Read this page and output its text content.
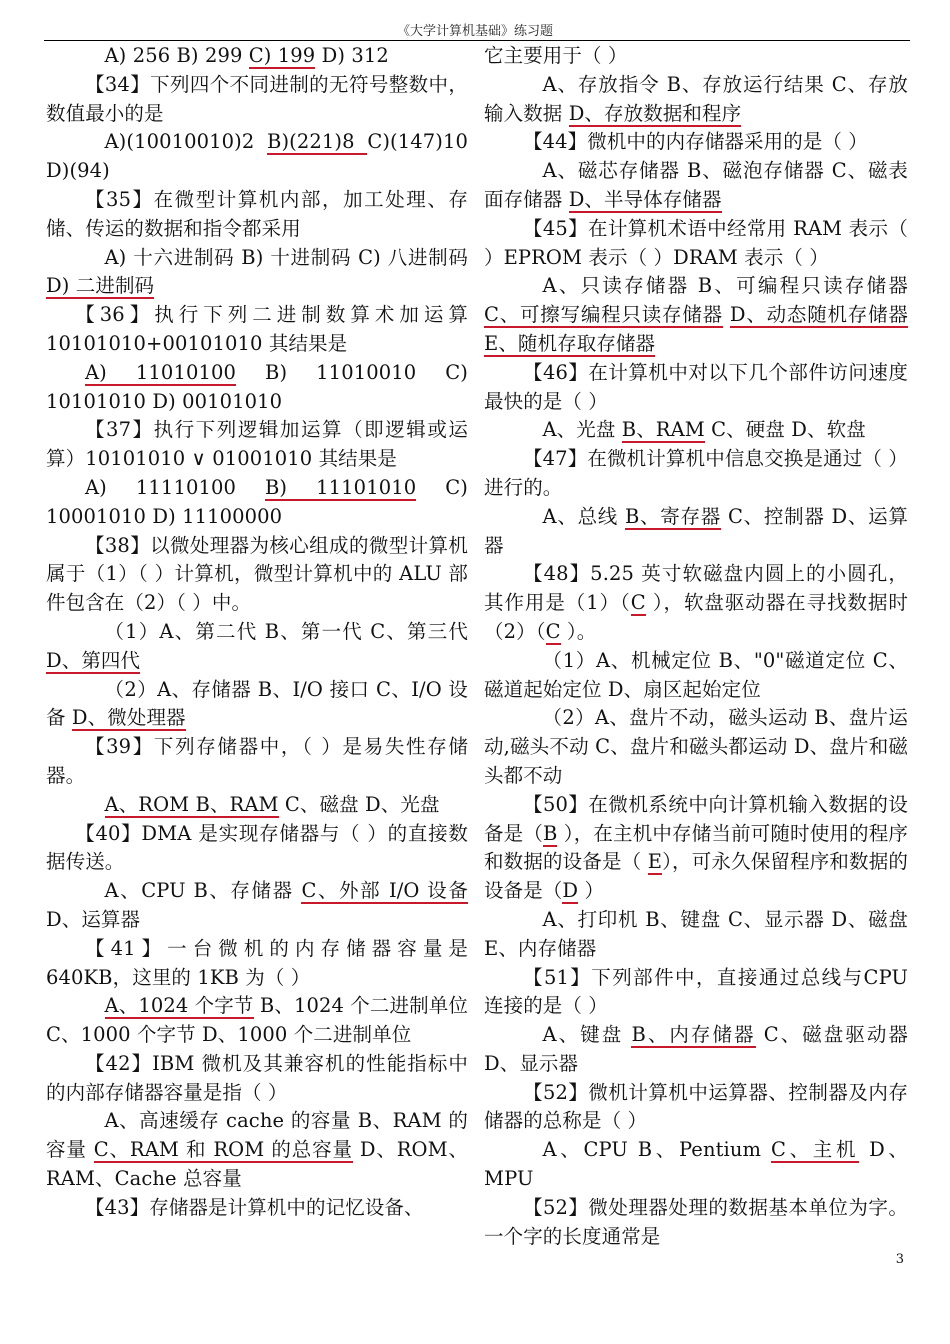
《大学计算机基础》练习题

A) 256 B) 299 C) 199 D) 312

【34】下列四个不同进制的无符号整数中，数值最小的是

A)(10010010)2 B)(221)8 C)(147)10 D)(94)

【35】在微型计算机内部，加工处理、存储、传运的数据和指令都采用

A) 十六进制码 B) 十进制码 C) 八进制码 D) 二进制码

【36】执行下列二进制数算术加运算10101010+00101010 其结果是

A) 11010100 B) 11010010 C) 10101010 D) 00101010

【37】执行下列逻辑加运算（即逻辑或运算）10101010 ∨ 01001010 其结果是

A) 11110100 B) 11101010 C) 10001010 D) 11100000

【38】以微处理器为核心组成的微型计算机属于（1）（ ）计算机，微型计算机中的 ALU 部件包含在（2）（ ）中。

（1）A、第二代 B、第一代 C、第三代 D、第四代

（2）A、存储器 B、I/O 接口 C、I/O 设备 D、微处理器

【39】下列存储器中，（ ）是易失性存储器。

A、ROM B、RAM C、磁盘 D、光盘

【40】DMA 是实现存储器与（ ）的直接数据传送。

A、CPU B、存储器 C、外部 I/O 设备 D、运算器

【41】一台微机的内存储器容量是640KB，这里的 1KB 为（ ）

A、1024 个字节 B、1024 个二进制单位 C、1000 个字节 D、1000 个二进制单位

【42】IBM 微机及其兼容机的性能指标中的内部存储器容量是指（ ）

A、高速缓存 cache 的容量 B、RAM 的容量 C、RAM 和 ROM 的总容量 D、ROM、RAM、Cache 总容量

【43】存储器是计算机中的记忆设备、

它主要用于（ ）

A、存放指令 B、存放运行结果 C、存放输入数据 D、存放数据和程序

【44】微机中的内存储器采用的是（ ）

A、磁芯存储器 B、磁泡存储器 C、磁表面存储器 D、半导体存储器

【45】在计算机术语中经常用 RAM 表示（ ）EPROM 表示（ ）DRAM 表示（ ）

A、只读存储器 B、可编程只读存储器 C、可擦写编程只读存储器 D、动态随机存储器 E、随机存取存储器

【46】在计算机中对以下几个部件访问速度最快的是（ ）

A、光盘 B、RAM C、硬盘 D、软盘

【47】在微机计算机中信息交换是通过（ ）进行的。

A、总线 B、寄存器 C、控制器 D、运算器

【48】5.25 英寸软磁盘内圆上的小圆孔，其作用是（1）（C ），软盘驱动器在寻找数据时（2）（C ）。

（1）A、机械定位 B、"0"磁道定位 C、磁道起始定位 D、扇区起始定位

（2）A、盘片不动，磁头运动 B、盘片运动,磁头不动 C、盘片和磁头都运动 D、盘片和磁头都不动

【50】在微机系统中向计算机输入数据的设备是（B ），在主机中存储当前可随时使用的程序和数据的设备是（ E），可永久保留程序和数据的设备是（D ）

A、打印机 B、键盘 C、显示器 D、磁盘 E、内存储器

【51】下列部件中，直接通过总线与CPU 连接的是（ ）

A、键盘 B、内存储器 C、磁盘驱动器 D、显示器

【52】微机计算机中运算器、控制器及内存储器的总称是（ ）

A、CPU B、Pentium C、主机 D、MPU

【52】微处理器处理的数据基本单位为字。一个字的长度通常是

3
